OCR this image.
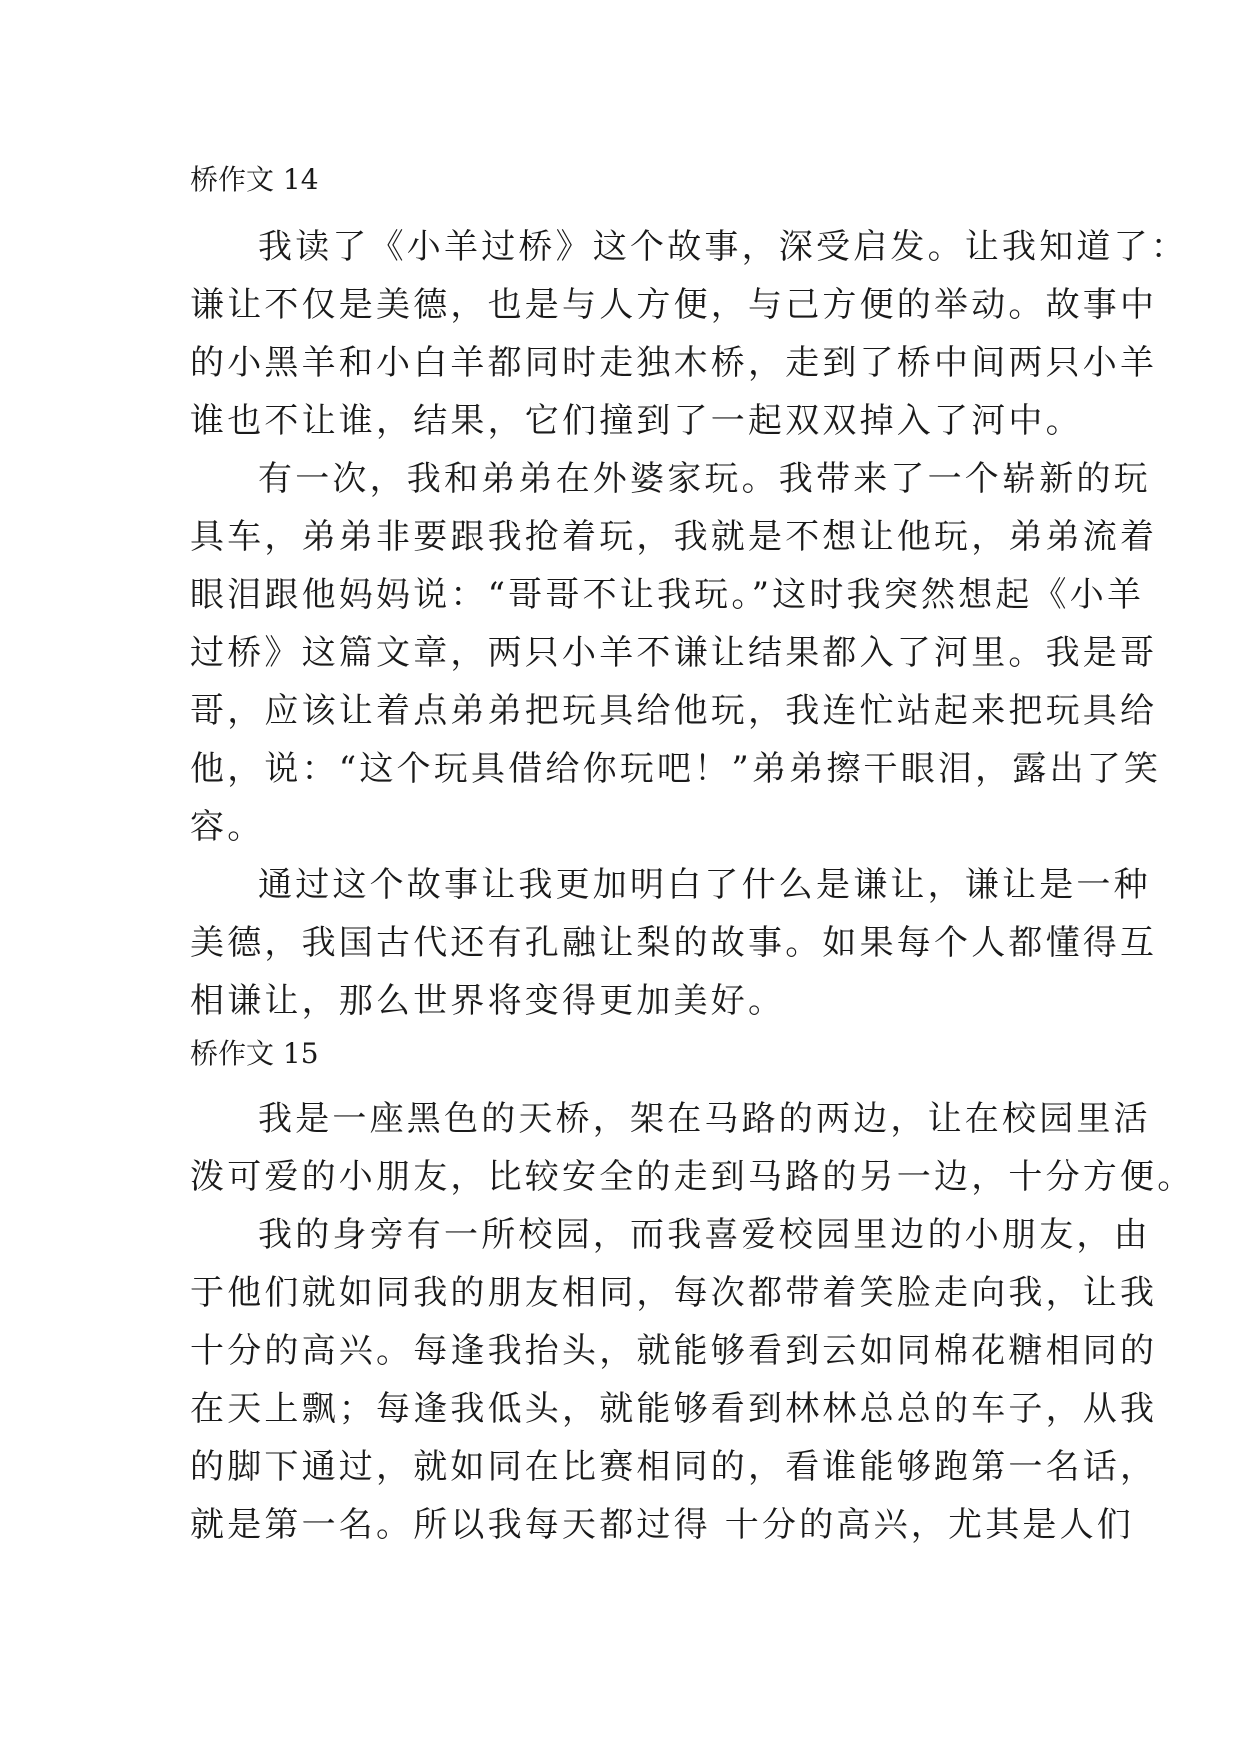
桥作文 14
我读了《小羊过桥》这个故事，深受启发。让我知道了：
谦让不仅是美德，也是与人方便，与己方便的举动。故事中
的小黑羊和小白羊都同时走独木桥，走到了桥中间两只小羊
谁也不让谁，结果，它们撞到了一起双双掉入了河中。
有一次，我和弟弟在外婆家玩。我带来了一个崭新的玩
具车，弟弟非要跟我抢着玩，我就是不想让他玩，弟弟流着
眼泪跟他妈妈说：“哥哥不让我玩。”这时我突然想起《小羊
过桥》这篇文章，两只小羊不谦让结果都入了河里。我是哥
哥，应该让着点弟弟把玩具给他玩，我连忙站起来把玩具给
他，说：“这个玩具借给你玩吧！”弟弟擦干眼泪，露出了笑
容。
通过这个故事让我更加明白了什么是谦让，谦让是一种
美德，我国古代还有孔融让梨的故事。如果每个人都懂得互
相谦让，那么世界将变得更加美好。
桥作文 15
我是一座黑色的天桥，架在马路的两边，让在校园里活
泼可爱的小朋友，比较安全的走到马路的另一边，十分方便。
我的身旁有一所校园，而我喜爱校园里边的小朋友，由
于他们就如同我的朋友相同，每次都带着笑脸走向我，让我
十分的高兴。每逢我抬头，就能够看到云如同棉花糖相同的
在天上飘；每逢我低头，就能够看到林林总总的车子，从我
的脚下通过，就如同在比赛相同的，看谁能够跑第一名话，
就是第一名。所以我每天都过得 十分的高兴，尤其是人们
